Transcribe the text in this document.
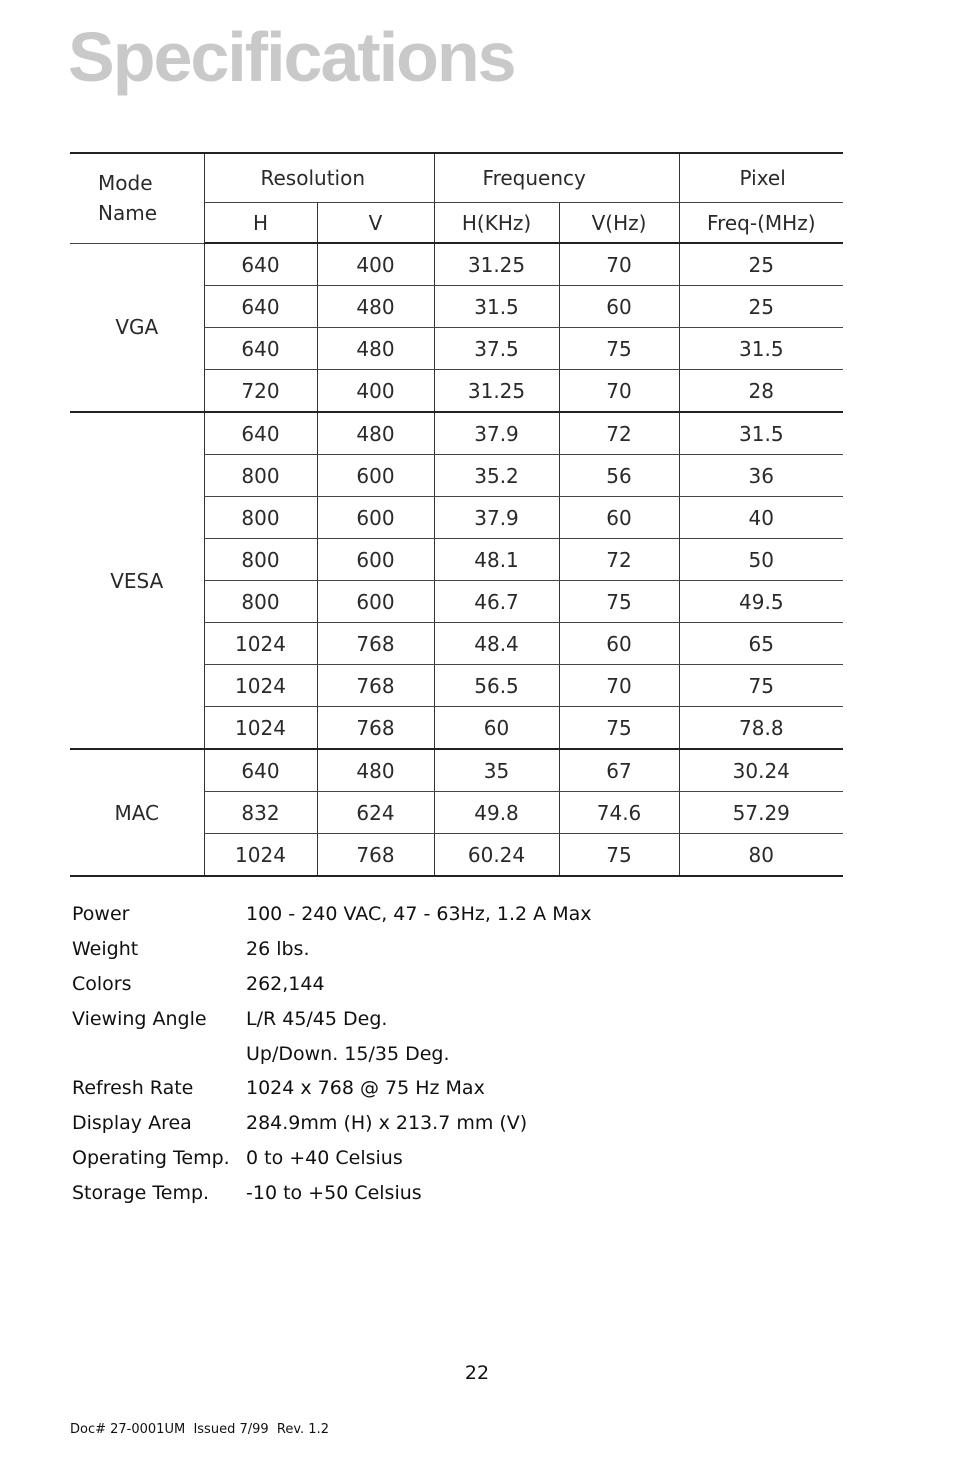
Specifications
Mode
Name	Resolution		Frequency		Pixel
	H	V	H(KHz)	V(Hz)	Freq-(MHz)
VGA	640	400	31.25	70	25
	640	480	31.5	60	25
	640	480	37.5	75	31.5
	720	400	31.25	70	28
VESA	640	480	37.9	72	31.5
	800	600	35.2	56	36
	800	600	37.9	60	40
	800	600	48.1	72	50
	800	600	46.7	75	49.5
	1024	768	48.4	60	65
	1024	768	56.5	70	75
	1024	768	60	75	78.8
MAC	640	480	35	67	30.24
	832	624	49.8	74.6	57.29
	1024	768	60.24	75	80
Power	100 - 240 VAC, 47 - 63Hz, 1.2 A Max
Weight	26 lbs.
Colors	262,144
Viewing Angle	L/R 45/45 Deg.
Up/Down. 15/35 Deg.
Refresh Rate	1024 x 768 @ 75 Hz Max
Display Area	284.9mm (H) x 213.7 mm (V)
Operating Temp. 0 to +40 Celsius
Storage Temp.	-10 to +50 Celsius
22
Doc# 27-0001UM  Issued 7/99  Rev. 1.2
